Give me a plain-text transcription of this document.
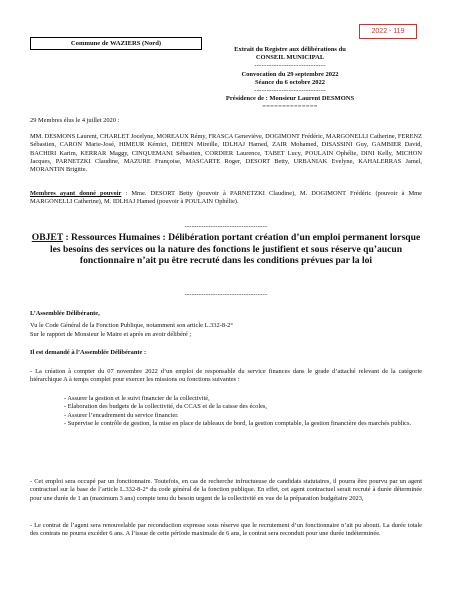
Commune de WAZIERS (Nord)
2022 - 119
Extrait du Registre aux délibérations du
CONSEIL MUNICIPAL
-----------------------------
Convocation du 29 septembre 2022
Séance du 6 octobre 2022
-----------------------------
Présidence de : Monsieur Laurent DESMONS
==============
29 Membres élus le 4 juillet 2020 :
MM. DESMONS Laurent, CHARLET Jocelyne, MOREAUX Rémy, FRASCA Geneviève, DOGIMONT Frédéric, MARGONELLI Catherine, FERENZ Sébastien, CARON Marie-José, HIMEUR Kémici, DEHEN Mireille, IDLHAJ Hamed, ZAIR Mohamed, DISASSINI Guy, GAMBIER David, BACHIRI Karim, KERRAR Maggy, CINQUEMANI Sébastien, CORDIER Laurence, TABET Lucy, POULAIN Ophélie, DINI Kelly, MICHON Jacques, PARNETZKI Claudine, MAZURE Françoise, MASCARTE Roger, DESORT Betty, URBANIAK Evelyne, KAHALERRAS Jamel, MORANTIN Brigitte.
Membres ayant donné pouvoir : Mme. DESORT Betty (pouvoir à PARNETZKI Claudine), M. DOGIMONT Frédéric (pouvoir à Mme MARGONELLI Catherine), M. IDLHAJ Hamed (pouvoir à POULAIN Ophélie).
-----------------------------------
OBJET : Ressources Humaines : Délibération portant création d’un emploi permanent lorsque les besoins des services ou la nature des fonctions le justifient et sous réserve qu’aucun fonctionnaire n’ait pu être recruté dans les conditions prévues par la loi
-----------------------------------
L’Assemblée Délibérante,
Vu le Code Général de la Fonction Publique, notamment son article L.332-8-2°
Sur le rapport de Monsieur le Maire et après en avoir délibéré ;
Il est demandé à l’Assemblée Délibérante :
- La création à compter du 07 novembre 2022 d’un emploi de responsable du service finances dans le grade d’attaché relevant de la catégorie hiérarchique A à temps complet pour exercer les missions ou fonctions suivantes :
- Assurer la gestion et le suivi financier de la collectivité,
- Elaboration des budgets de la collectivité, du CCAS et de la caisse des écoles,
- Assurer l’encadrement du service financier.
- Supervise le contrôle de gestion, la mise en place de tableaux de bord, la gestion comptable, la gestion financière des marchés publics.
- Cet emploi sera occupé par un fonctionnaire. Toutefois, en cas de recherche infructueuse de candidats statutaires, il pourra être pourvu par un agent contractuel sur la base de l’article L.332-8-2° du code général de la fonction publique. En effet, cet agent contractuel serait recruté à durée déterminée pour une durée de 1 an (maximum 3 ans) compte tenu du besoin urgent de la collectivité en vue de la préparation budgétaire 2023,
- Le contrat de l’agent sera renouvelable par reconduction expresse sous réserve que le recrutement d’un fonctionnaire n’ait pu abouti. La durée totale des contrats ne pourra excéder 6 ans. A l’issue de cette période maximale de 6 ans, le contrat sera reconduit pour une durée indéterminée.
